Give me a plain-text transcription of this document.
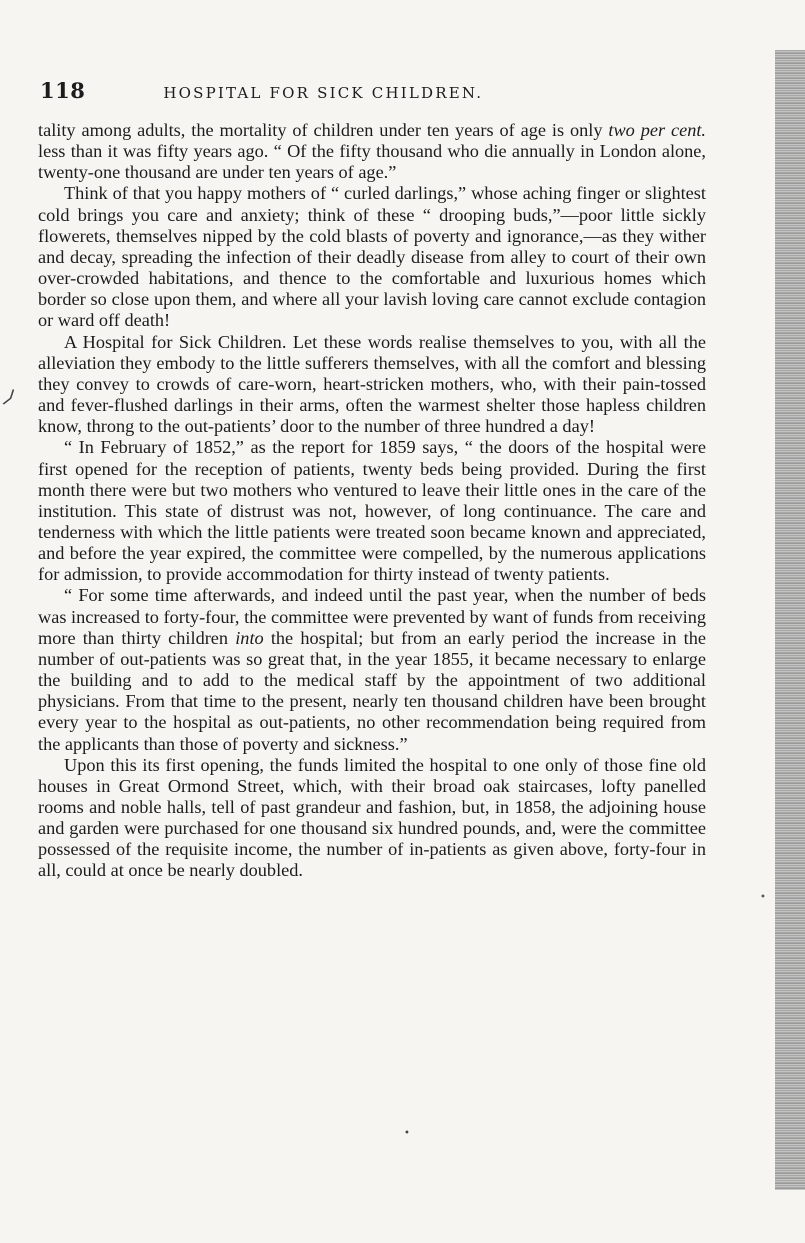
⟩
•
118	HOSPITAL FOR SICK CHILDREN.

tality among adults, the mortality of children under ten years of age is only two per cent. less than it was fifty years ago. “ Of the fifty thousand who die annually in London alone, twenty-one thousand are under ten years of age.”

Think of that you happy mothers of “ curled darlings,” whose aching finger or slightest cold brings you care and anxiety; think of these “ drooping buds,”—poor little sickly flowerets, themselves nipped by the cold blasts of poverty and ignorance,—as they wither and decay, spreading the infection of their deadly disease from alley to court of their own over-crowded habitations, and thence to the comfortable and luxurious homes which border so close upon them, and where all your lavish loving care cannot exclude contagion or ward off death!

A Hospital for Sick Children. Let these words realise themselves to you, with all the alleviation they embody to the little sufferers themselves, with all the comfort and blessing they convey to crowds of care-worn, heart-stricken mothers, who, with their pain-tossed and fever-flushed darlings in their arms, often the warmest shelter those hapless children know, throng to the out-patients’ door to the number of three hundred a day!

“ In February of 1852,” as the report for 1859 says, “ the doors of the hospital were first opened for the reception of patients, twenty beds being provided. During the first month there were but two mothers who ventured to leave their little ones in the care of the institution. This state of distrust was not, however, of long continuance. The care and tenderness with which the little patients were treated soon became known and appreciated, and before the year expired, the committee were compelled, by the numerous applications for admission, to provide accommodation for thirty instead of twenty patients.

“ For some time afterwards, and indeed until the past year, when the number of beds was increased to forty-four, the committee were prevented by want of funds from receiving more than thirty children into the hospital; but from an early period the increase in the number of out-patients was so great that, in the year 1855, it became necessary to enlarge the building and to add to the medical staff by the appointment of two additional physicians. From that time to the present, nearly ten thousand children have been brought every year to the hospital as out-patients, no other recommendation being required from the applicants than those of poverty and sickness.”

Upon this its first opening, the funds limited the hospital to one only of those fine old houses in Great Ormond Street, which, with their broad oak staircases, lofty panelled rooms and noble halls, tell of past grandeur and fashion, but, in 1858, the adjoining house and garden were purchased for one thousand six hundred pounds, and, were the committee possessed of the requisite income, the number of in-patients as given above, forty-four in all, could at once be nearly doubled.

•
